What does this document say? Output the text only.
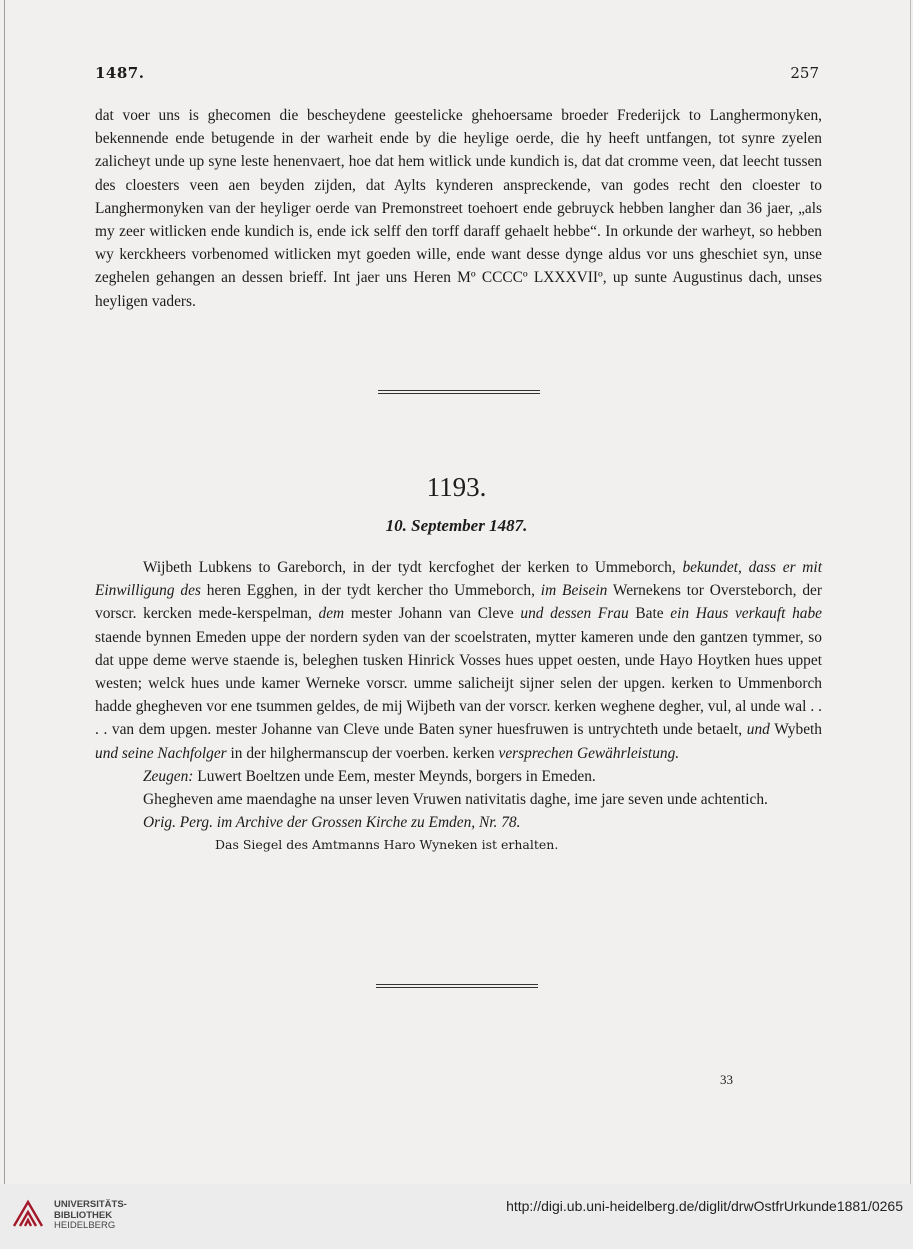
1487.	257

dat voer uns is ghecomen die bescheydene geestelicke ghehoersame broeder Frederijck to Langhermonyken, bekennende ende betugende in der warheit ende by die heylige oerde, die hy heeft untfangen, tot synre zyelen zalicheyt unde up syne leste henenvaert, hoe dat hem witlick unde kundich is, dat dat cromme veen, dat leecht tussen des cloesters veen aen beyden zijden, dat Aylts kynderen anspreckende, van godes recht den cloester to Langhermonyken van der heyliger oerde van Premonstreet toehoert ende gebruyck hebben langher dan 36 jaer, „als my zeer witlicken ende kundich is, ende ick selff den torff daraff gehaelt hebbe“. In orkunde der warheyt, so hebben wy kerckheers vorbenomed witlicken myt goeden wille, ende want desse dynge aldus vor uns gheschiet syn, unse zeghelen gehangen an dessen brieff. Int jaer uns Heren Mº CCCCº LXXXVIIº, up sunte Augustinus dach, unses heyligen vaders.

1193.
10. September 1487.

Wijbeth Lubkens to Gareborch, in der tydt kercfoghet der kerken to Ummeborch, bekundet, dass er mit Einwilligung des heren Egghen, in der tydt kercher tho Ummeborch, im Beisein Wernekens tor Oversteborch, der vorscr. kercken mede-kerspelman, dem mester Johann van Cleve und dessen Frau Bate ein Haus verkauft habe staende bynnen Emeden uppe der nordern syden van der scoelstraten, mytter kameren unde den gantzen tymmer, so dat uppe deme werve staende is, beleghen tusken Hinrick Vosses hues uppet oesten, unde Hayo Hoytken hues uppet westen; welck hues unde kamer Werneke vorscr. umme salicheijt sijner selen der upgen. kerken to Ummenborch hadde ghegheven vor ene tsummen geldes, de mij Wijbeth van der vorscr. kerken weghene degher, vul, al unde wal . . . . van dem upgen. mester Johanne van Cleve unde Baten syner huesfruwen is untrychteth unde betaelt, und Wybeth und seine Nachfolger in der hilghermanscup der voerben. kerken versprechen Gewährleistung.

Zeugen: Luwert Boeltzen unde Eem, mester Meynds, borgers in Emeden.

Ghegheven ame maendaghe na unser leven Vruwen nativitatis daghe, ime jare seven unde achtentich.

Orig. Perg. im Archive der Grossen Kirche zu Emden, Nr. 78.

Das Siegel des Amtmanns Haro Wyneken ist erhalten.

33
UNIVERSITÄTS-
BIBLIOTHEK
HEIDELBERG
http://digi.ub.uni-heidelberg.de/diglit/drwOstfrUrkunde1881/0265
